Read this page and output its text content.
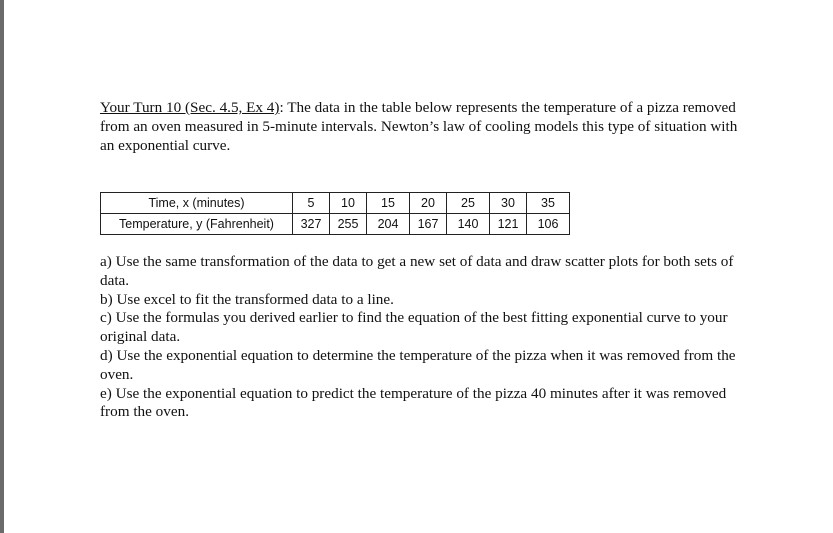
Your Turn 10 (Sec. 4.5, Ex 4): The data in the table below represents the temperature of a pizza removed from an oven measured in 5-minute intervals. Newton’s law of cooling models this type of situation with an exponential curve.
Time, x (minutes)	5	10	15	20	25	30	35
Temperature, y (Fahrenheit)	327	255	204	167	140	121	106

a) Use the same transformation of the data to get a new set of data and draw scatter plots for both sets of data.

b) Use excel to fit the transformed data to a line.

c) Use the formulas you derived earlier to find the equation of the best fitting exponential curve to your original data.

d) Use the exponential equation to determine the temperature of the pizza when it was removed from the oven.

e) Use the exponential equation to predict the temperature of the pizza 40 minutes after it was removed from the oven.
